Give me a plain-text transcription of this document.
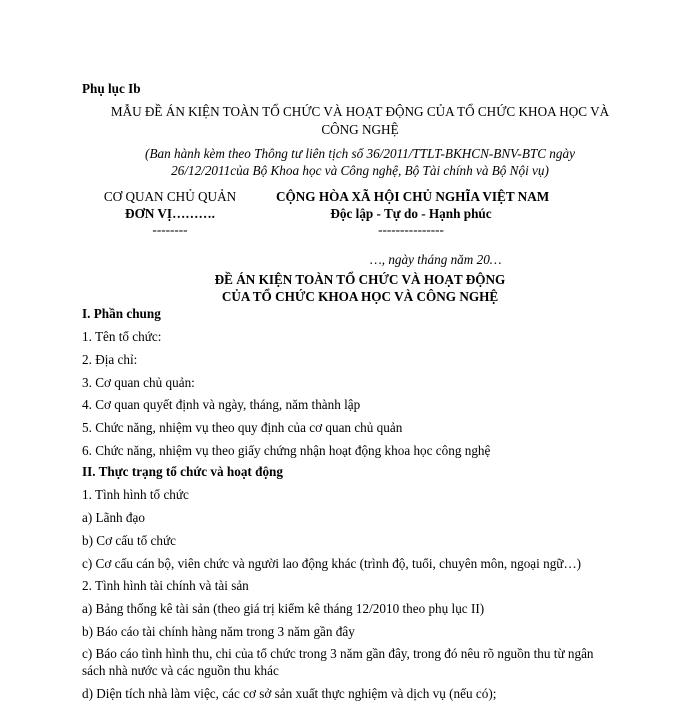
Phụ lục Ib
MẪU ĐỀ ÁN KIỆN TOÀN TỔ CHỨC VÀ HOẠT ĐỘNG CỦA TỔ CHỨC KHOA HỌC VÀ
CÔNG NGHỆ
(Ban hành kèm theo Thông tư liên tịch số 36/2011/TTLT-BKHCN-BNV-BTC ngày
26/12/2011của Bộ Khoa học và Công nghệ, Bộ Tài chính và Bộ Nội vụ)
CƠ QUAN CHỦ QUẢN
ĐƠN VỊ……….
--------
CỘNG HÒA XÃ HỘI CHỦ NGHĨA VIỆT NAM
Độc lập - Tự do - Hạnh phúc
---------------
…, ngày tháng năm 20…
ĐỀ ÁN KIỆN TOÀN TỔ CHỨC VÀ HOẠT ĐỘNG
CỦA TỔ CHỨC KHOA HỌC VÀ CÔNG NGHỆ
I. Phần chung
1. Tên tổ chức:
2. Địa chỉ:
3. Cơ quan chủ quản:
4. Cơ quan quyết định và ngày, tháng, năm thành lập
5. Chức năng, nhiệm vụ theo quy định của cơ quan chủ quản
6. Chức năng, nhiệm vụ theo giấy chứng nhận hoạt động khoa học công nghệ
II. Thực trạng tổ chức và hoạt động
1. Tình hình tổ chức
a) Lãnh đạo
b) Cơ cấu tổ chức
c) Cơ cấu cán bộ, viên chức và người lao động khác (trình độ, tuổi, chuyên môn, ngoại ngữ…)
2. Tình hình tài chính và tài sản
a) Bảng thống kê tài sản (theo giá trị kiểm kê tháng 12/2010 theo phụ lục II)
b) Báo cáo tài chính hàng năm trong 3 năm gần đây
c) Báo cáo tình hình thu, chi của tổ chức trong 3 năm gần đây, trong đó nêu rõ nguồn thu từ ngân
sách nhà nước và các nguồn thu khác
d) Diện tích nhà làm việc, các cơ sở sản xuất thực nghiệm và dịch vụ (nếu có);
